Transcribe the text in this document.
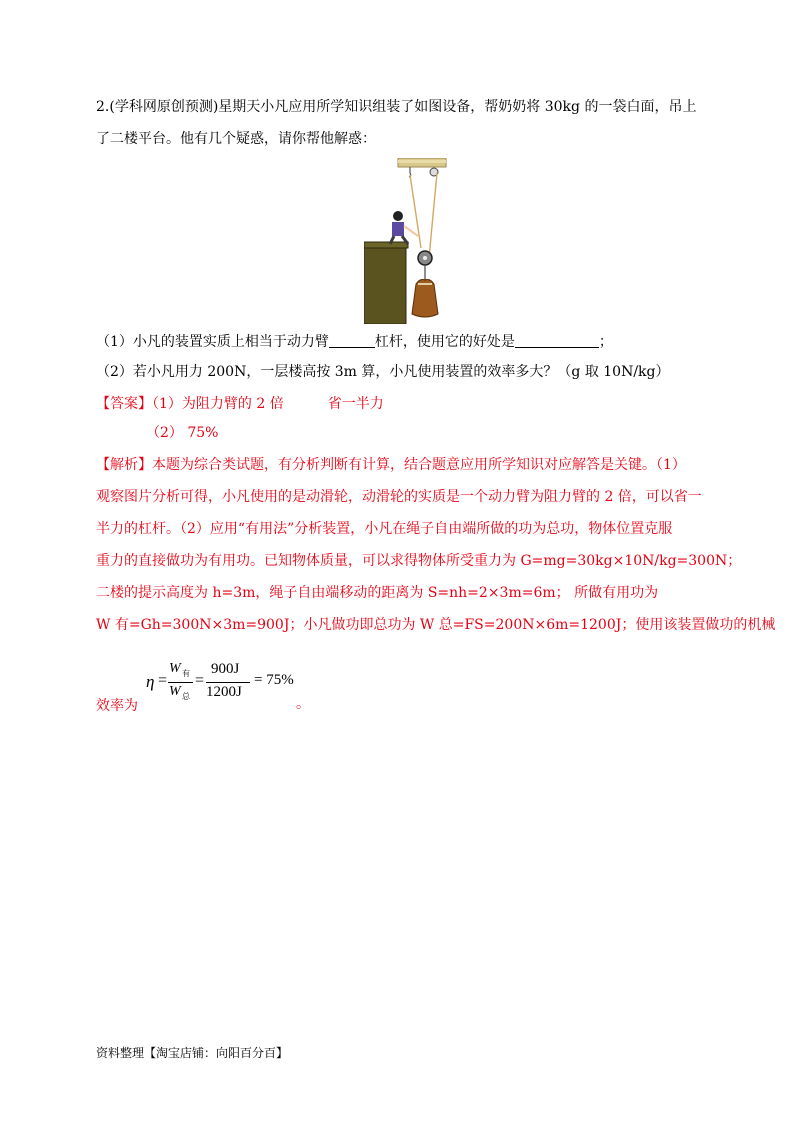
2.(学科网原创预测)星期天小凡应用所学知识组装了如图设备，帮奶奶将 30kg 的一袋白面，吊上
了二楼平台。他有几个疑惑，请你帮他解惑：
（1）小凡的装置实质上相当于动力臂	杠杆，使用它的好处是	；
（2）若小凡用力 200N，一层楼高按 3m 算，小凡使用装置的效率多大？（g 取 10N/kg）
【答案】（1）为阻力臂的 2 倍	省一半力
（2） 75%
【解析】本题为综合类试题，有分析判断有计算，结合题意应用所学知识对应解答是关键。（1）
观察图片分析可得，小凡使用的是动滑轮，动滑轮的实质是一个动力臂为阻力臂的 2 倍，可以省一
半力的杠杆。（2）应用“有用法”分析装置，小凡在绳子自由端所做的功为总功，物体位置克服
重力的直接做功为有用功。已知物体质量，可以求得物体所受重力为 G=mg=30kg×10N/kg=300N；
二楼的提示高度为 h=3m，绳子自由端移动的距离为 S=nh=2×3m=6m； 所做有用功为
W 有=Gh=300N×3m=900J；小凡做功即总功为 W 总=FS=200N×6m=1200J；使用该装置做功的机械
效率为
η =
W 有
W 总
=
900J
1200J
= 75%
。
资料整理【淘宝店铺：向阳百分百】
